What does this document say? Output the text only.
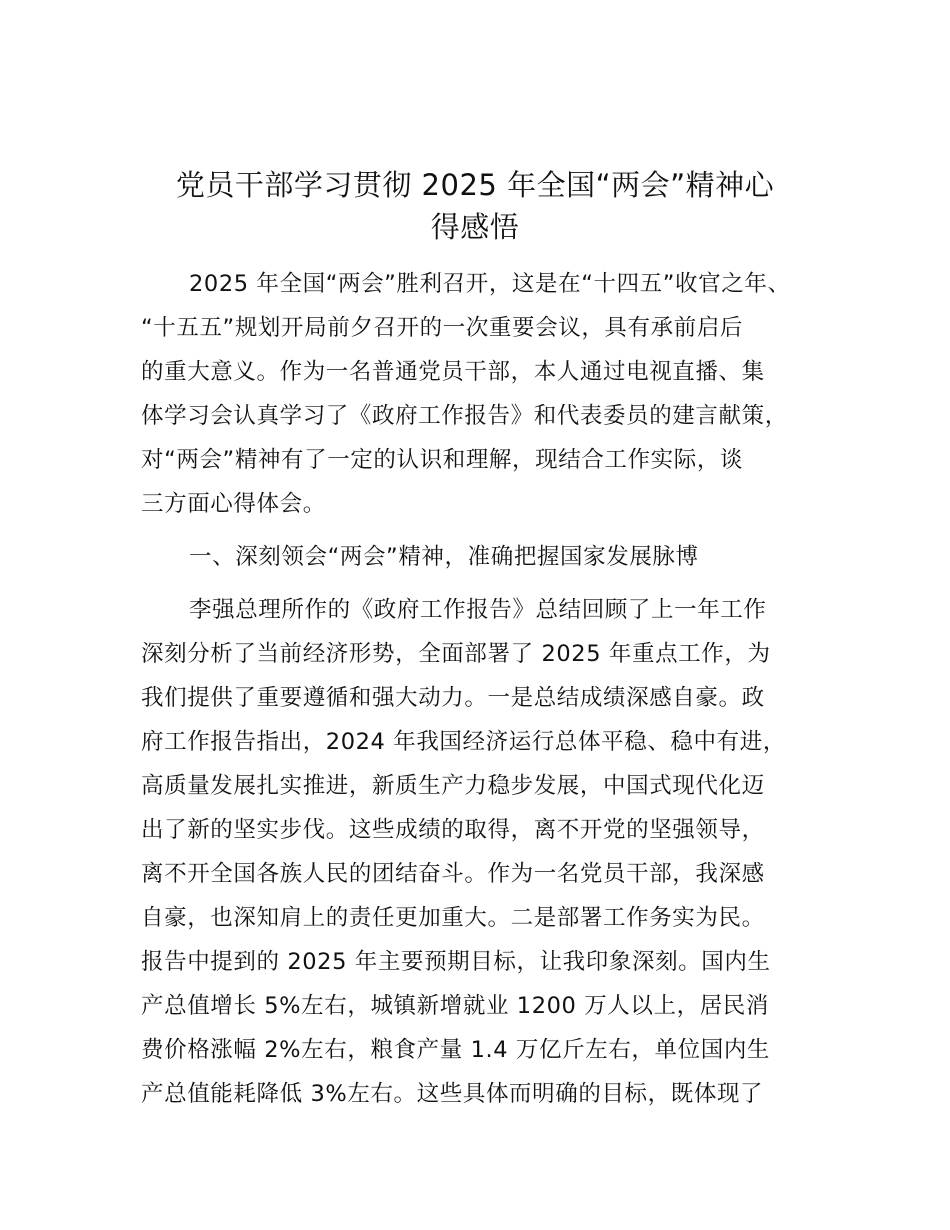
党员干部学习贯彻 2025 年全国“两会”精神心
得感悟

2025 年全国“两会”胜利召开，这是在“十四五”收官之年、

“十五五”规划开局前夕召开的一次重要会议，具有承前启后

的重大意义。作为一名普通党员干部，本人通过电视直播、集

体学习会认真学习了《政府工作报告》和代表委员的建言献策，

对“两会”精神有了一定的认识和理解，现结合工作实际，谈

三方面心得体会。

一、深刻领会“两会”精神，准确把握国家发展脉博

李强总理所作的《政府工作报告》总结回顾了上一年工作

深刻分析了当前经济形势，全面部署了 2025 年重点工作，为

我们提供了重要遵循和强大动力。一是总结成绩深感自豪。政

府工作报告指出，2024 年我国经济运行总体平稳、稳中有进，

高质量发展扎实推进，新质生产力稳步发展，中国式现代化迈

出了新的坚实步伐。这些成绩的取得，离不开党的坚强领导，

离不开全国各族人民的团结奋斗。作为一名党员干部，我深感

自豪，也深知肩上的责任更加重大。二是部署工作务实为民。

报告中提到的 2025 年主要预期目标，让我印象深刻。国内生

产总值增长 5%左右，城镇新增就业 1200 万人以上，居民消

费价格涨幅 2%左右，粮食产量 1.4 万亿斤左右，单位国内生

产总值能耗降低 3%左右。这些具体而明确的目标，既体现了
